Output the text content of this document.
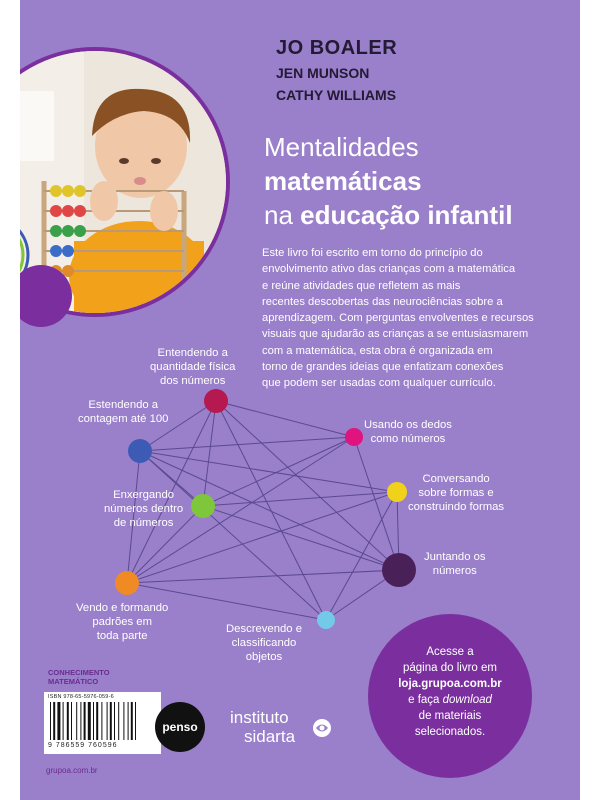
JO BOALER
JEN MUNSON
CATHY WILLIAMS
Mentalidades
matemáticas
na educação infantil
Este livro foi escrito em torno do princípio do
envolvimento ativo das crianças com a matemática
e reúne atividades que refletem as mais
recentes descobertas das neurociências sobre a
aprendizagem. Com perguntas envolventes e recursos
visuais que ajudarão as crianças a se entusiasmarem
com a matemática, esta obra é organizada em
torno de grandes ideias que enfatizam conexões
que podem ser usadas com qualquer currículo.
Entendendo a
quantidade física
dos números
Estendendo a
contagem até 100	Usando os dedos
como números
Conversando
sobre formas e
construindo formas
Enxergando
números dentro
de números
Juntando os
números
Vendo e formando
padrões em
toda parte
Descrevendo e
classificando
objetos	Acesse a
página do livro em
loja.grupoa.com.br
e faça download
de materiais
selecionados.
CONHECIMENTO
MATEMÁTICO
ISBN 978-65-5976-059-6
9 786559 760596
penso	instituto
sidarta
grupoa.com.br
